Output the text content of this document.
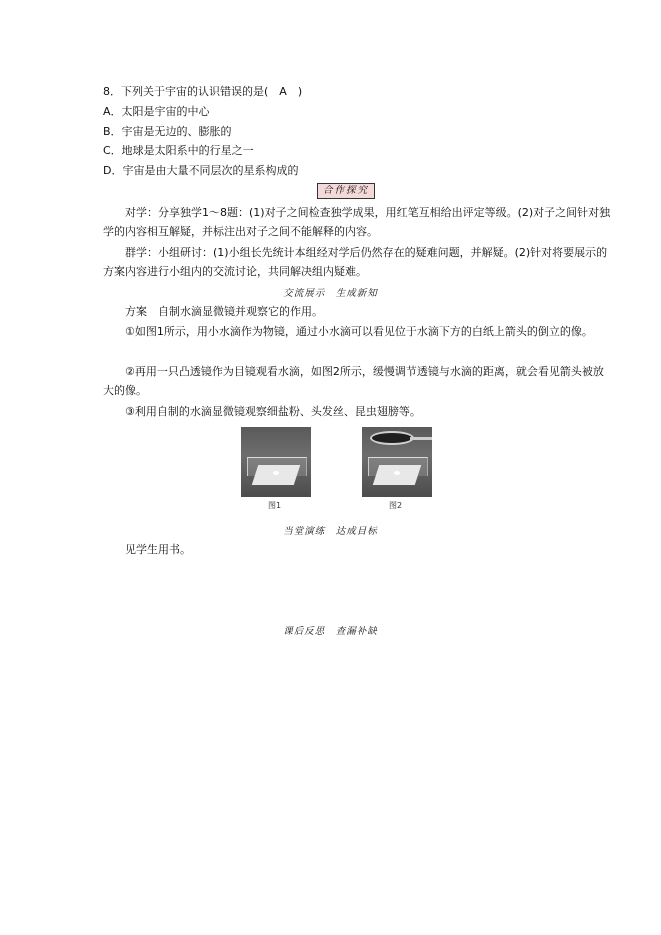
8．下列关于宇宙的认识错误的是(　A　)
A．太阳是宇宙的中心
B．宇宙是无边的、膨胀的
C．地球是太阳系中的行星之一
D．宇宙是由大量不同层次的星系构成的
合作探究
对学：分享独学1～8题：(1)对子之间检查独学成果，用红笔互相给出评定等级。(2)对子之间针对独学的内容相互解疑，并标注出对子之间不能解释的内容。
群学：小组研讨：(1)小组长先统计本组经对学后仍然存在的疑难问题，并解疑。(2)针对将要展示的方案内容进行小组内的交流讨论，共同解决组内疑难。
交流展示　生成新知
方案　自制水滴显微镜并观察它的作用。
①如图1所示，用小水滴作为物镜，通过小水滴可以看见位于水滴下方的白纸上箭头的倒立的像。
②再用一只凸透镜作为目镜观看水滴，如图2所示，缓慢调节透镜与水滴的距离，就会看见箭头被放大的像。
③利用自制的水滴显微镜观察细盐粉、头发丝、昆虫翅膀等。
图1	图2
当堂演练　达成目标
见学生用书。
课后反思　查漏补缺
